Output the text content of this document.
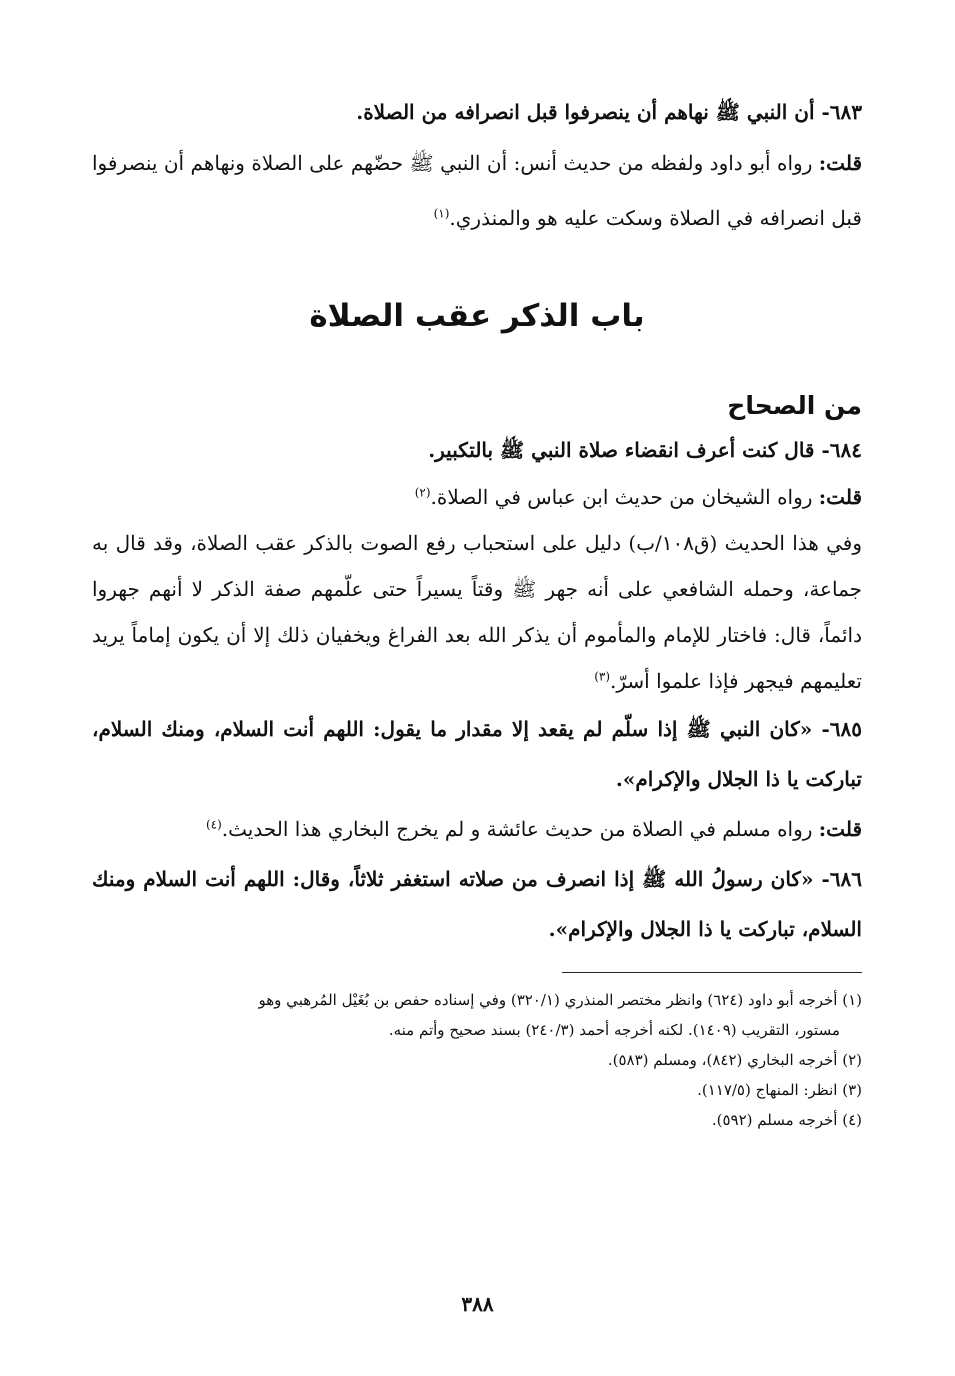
٦٨٣- أن النبي ﷺ نهاهم أن ينصرفوا قبل انصرافه من الصلاة.

قلت: رواه أبو داود ولفظه من حديث أنس: أن النبي ﷺ حضّهم على الصلاة ونهاهم أن ينصرفوا قبل انصرافه في الصلاة وسكت عليه هو والمنذري.$^{(١)}$

باب الذكر عقب الصلاة
من الصحاح

٦٨٤- قال كنت أعرف انقضاء صلاة النبي ﷺ بالتكبير.

قلت: رواه الشيخان من حديث ابن عباس في الصلاة.$^{(٢)}$

وفي هذا الحديث (ق١٠٨/ب) دليل على استحباب رفع الصوت بالذكر عقب الصلاة، وقد قال به جماعة، وحمله الشافعي على أنه جهر ﷺ وقتاً يسيراً حتى علّمهم صفة الذكر لا أنهم جهروا دائماً، قال: فاختار للإمام والمأموم أن يذكر الله بعد الفراغ ويخفيان ذلك إلا أن يكون إماماً يريد تعليمهم فيجهر فإذا علموا أسرّ.$^{(٣)}$

٦٨٥- «كان النبي ﷺ إذا سلّم لم يقعد إلا مقدار ما يقول: اللهم أنت السلام، ومنك السلام، تباركت يا ذا الجلال والإكرام».

قلت: رواه مسلم في الصلاة من حديث عائشة و لم يخرج البخاري هذا الحديث.$^{(٤)}$

٦٨٦- «كان رسولُ الله ﷺ إذا انصرف من صلاته استغفر ثلاثاً، وقال: اللهم أنت السلام ومنك السلام، تباركت يا ذا الجلال والإكرام».

(١) أخرجه أبو داود (٦٢٤) وانظر مختصر المنذري (٣٢٠/١) وفي إسناده حفص بن بُغَيْل المُرهبي وهو

مستور، التقريب (١٤٠٩). لكنه أخرجه أحمد (٢٤٠/٣) بسند صحيح وأتم منه.

(٢) أخرجه البخاري (٨٤٢)، ومسلم (٥٨٣).

(٣) انظر: المنهاج (١١٧/٥).

(٤) أخرجه مسلم (٥٩٢).

٣٨٨
